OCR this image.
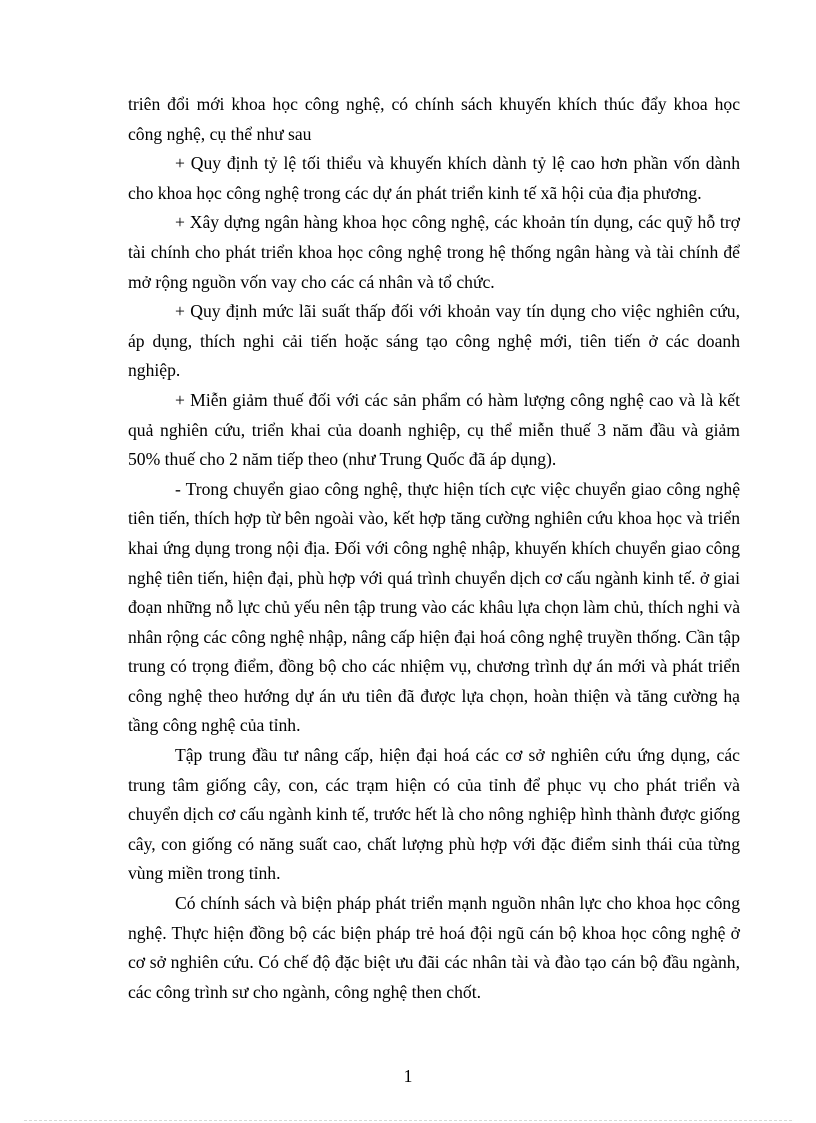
triên đổi mới khoa học công nghệ, có chính sách khuyến khích thúc đẩy khoa học công nghệ, cụ thể như sau

+ Quy định tỷ lệ tối thiểu và khuyến khích dành tỷ lệ cao hơn phần vốn dành cho khoa học công nghệ trong các dự án phát triển kinh tế xã hội của địa phương.

+ Xây dựng ngân hàng khoa học công nghệ, các khoản tín dụng, các quỹ hỗ trợ tài chính cho phát triển khoa học công nghệ trong hệ thống ngân hàng và tài chính để mở rộng nguồn vốn vay cho các cá nhân và tổ chức.

+ Quy định mức lãi suất thấp đối với khoản vay tín dụng cho việc nghiên cứu, áp dụng, thích nghi cải tiến hoặc sáng tạo công nghệ mới, tiên tiến ở các doanh nghiệp.

+ Miễn giảm thuế đối với các sản phẩm có hàm lượng công nghệ cao và là kết quả nghiên cứu, triển khai của doanh nghiệp, cụ thể miễn thuế 3 năm đầu và giảm 50% thuế cho 2 năm tiếp theo (như Trung Quốc đã áp dụng).

- Trong chuyển giao công nghệ, thực hiện tích cực việc chuyển giao công nghệ tiên tiến, thích hợp từ bên ngoài vào, kết hợp tăng cường nghiên cứu khoa học và triển khai ứng dụng trong nội địa. Đối với công nghệ nhập, khuyến khích chuyển giao công nghệ tiên tiến, hiện đại, phù hợp với quá trình chuyển dịch cơ cấu ngành kinh tế. ở giai đoạn những nỗ lực chủ yếu nên tập trung vào các khâu lựa chọn làm chủ, thích nghi và nhân rộng các công nghệ nhập, nâng cấp hiện đại hoá công nghệ truyền thống. Cần tập trung có trọng điểm, đồng bộ cho các nhiệm vụ, chương trình dự án mới và phát triển công nghệ theo hướng dự án ưu tiên đã được lựa chọn, hoàn thiện và tăng cường hạ tầng công nghệ của tỉnh.

Tập trung đầu tư nâng cấp, hiện đại hoá các cơ sở nghiên cứu ứng dụng, các trung tâm giống cây, con, các trạm hiện có của tỉnh để phục vụ cho phát triển và chuyển dịch cơ cấu ngành kinh tế, trước hết là cho nông nghiệp hình thành được giống cây, con giống có năng suất cao, chất lượng phù hợp với đặc điểm sinh thái của từng vùng miền trong tỉnh.

Có chính sách và biện pháp phát triển mạnh nguồn nhân lực cho khoa học công nghệ. Thực hiện đồng bộ các biện pháp trẻ hoá đội ngũ cán bộ khoa học công nghệ ở cơ sở nghiên cứu. Có chế độ đặc biệt ưu đãi các nhân tài và đào tạo cán bộ đầu ngành, các công trình sư cho ngành, công nghệ then chốt.

1
